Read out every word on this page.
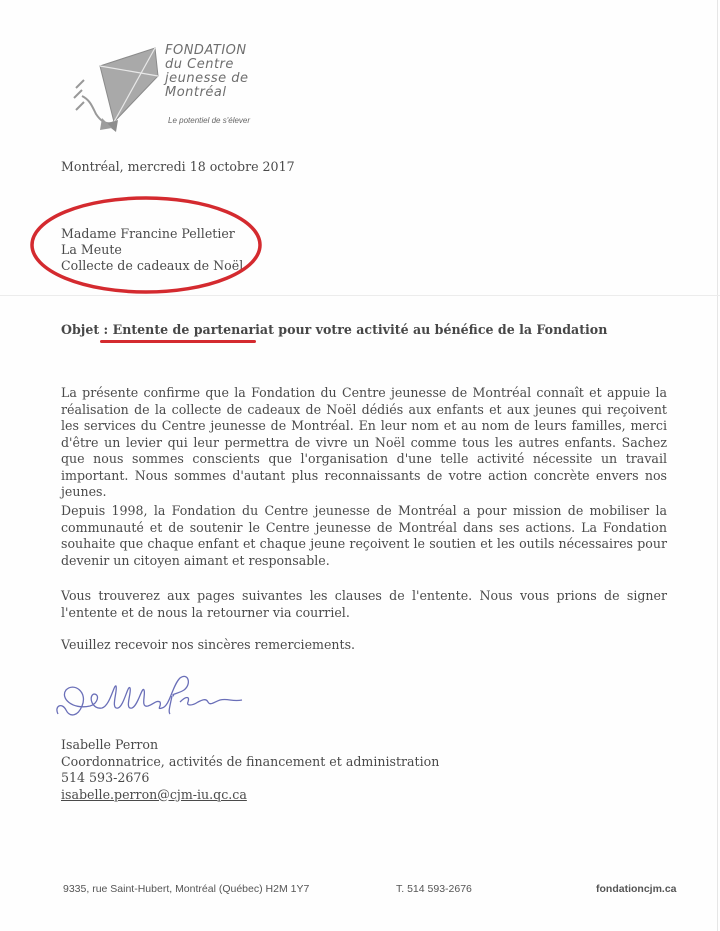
FONDATION
du Centre
jeunesse de
Montréal
Le potentiel de s'élever
Montréal, mercredi 18 octobre 2017
Madame Francine Pelletier
La Meute
Collecte de cadeaux de Noël
Objet : Entente de partenariat pour votre activité au bénéfice de la Fondation
La présente confirme que la Fondation du Centre jeunesse de Montréal connaît et appuie la réalisation de la collecte de cadeaux de Noël dédiés aux enfants et aux jeunes qui reçoivent les services du Centre jeunesse de Montréal. En leur nom et au nom de leurs familles, merci d'être un levier qui leur permettra de vivre un Noël comme tous les autres enfants. Sachez que nous sommes conscients que l'organisation d'une telle activité nécessite un travail important. Nous sommes d'autant plus reconnaissants de votre action concrète envers nos jeunes.
Depuis 1998, la Fondation du Centre jeunesse de Montréal a pour mission de mobiliser la communauté et de soutenir le Centre jeunesse de Montréal dans ses actions. La Fondation souhaite que chaque enfant et chaque jeune reçoivent le soutien et les outils nécessaires pour devenir un citoyen aimant et responsable.
Vous trouverez aux pages suivantes les clauses de l'entente. Nous vous prions de signer l'entente et de nous la retourner via courriel.
Veuillez recevoir nos sincères remerciements.
Isabelle Perron
Coordonnatrice, activités de financement et administration
514 593-2676
isabelle.perron@cjm-iu.qc.ca
9335, rue Saint-Hubert, Montréal (Québec) H2M 1Y7	T. 514 593-2676	fondationcjm.ca
